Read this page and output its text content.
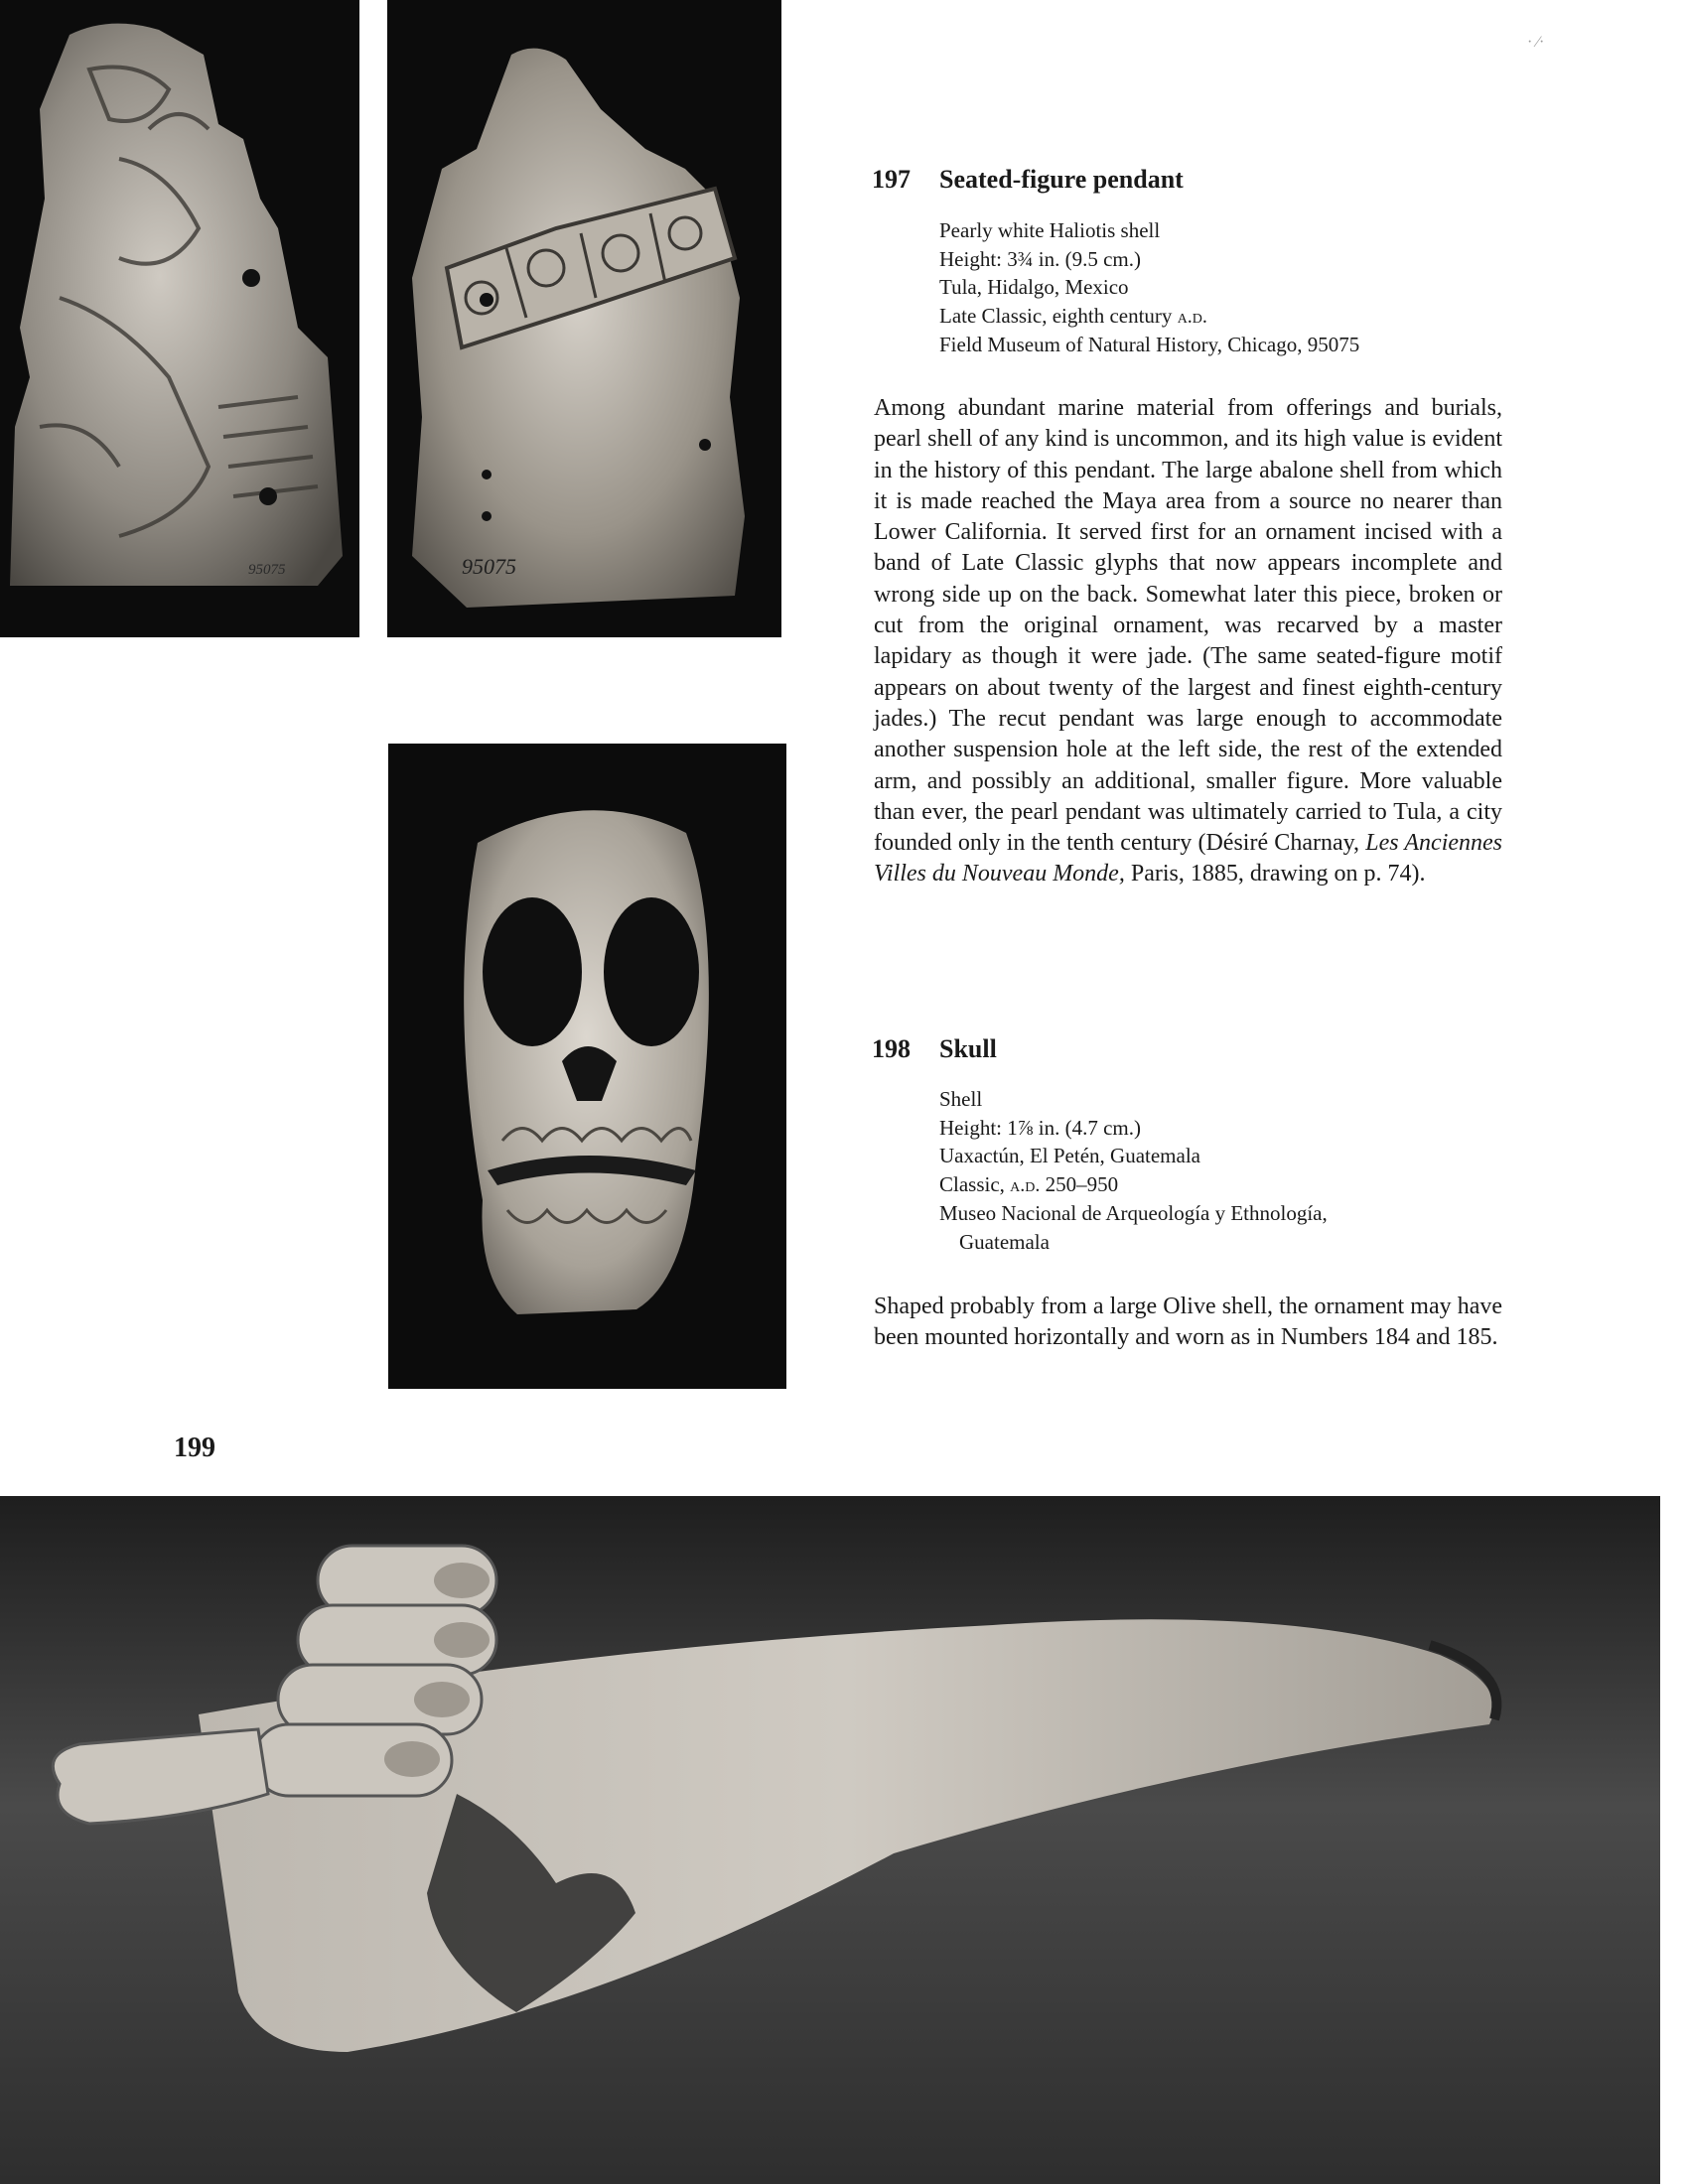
· ⁄·
95075	95075
197 Seated-figure pendant
Pearly white Haliotis shell
Height: 3¾ in. (9.5 cm.)
Tula, Hidalgo, Mexico
Late Classic, eighth century a.d.
Field Museum of Natural History, Chicago, 95075
Among abundant marine material from offerings and burials, pearl shell of any kind is uncommon, and its high value is evident in the history of this pendant. The large abalone shell from which it is made reached the Maya area from a source no nearer than Lower California. It served first for an ornament incised with a band of Late Classic glyphs that now appears incomplete and wrong side up on the back. Somewhat later this piece, broken or cut from the original ornament, was recarved by a master lapidary as though it were jade. (The same seated-figure motif appears on about twenty of the largest and finest eighth-century jades.) The recut pendant was large enough to accommodate another suspension hole at the left side, the rest of the extended arm, and possibly an additional, smaller figure. More valuable than ever, the pearl pendant was ultimately carried to Tula, a city founded only in the tenth century (Désiré Charnay, Les Anciennes Villes du Nouveau Monde, Paris, 1885, drawing on p. 74).
198 Skull
Shell
Height: 1⅞ in. (4.7 cm.)
Uaxactún, El Petén, Guatemala
Classic, a.d. 250–950
Museo Nacional de Arqueología y Ethnología,
Guatemala
Shaped probably from a large Olive shell, the ornament may have been mounted horizontally and worn as in Numbers 184 and 185.
199
